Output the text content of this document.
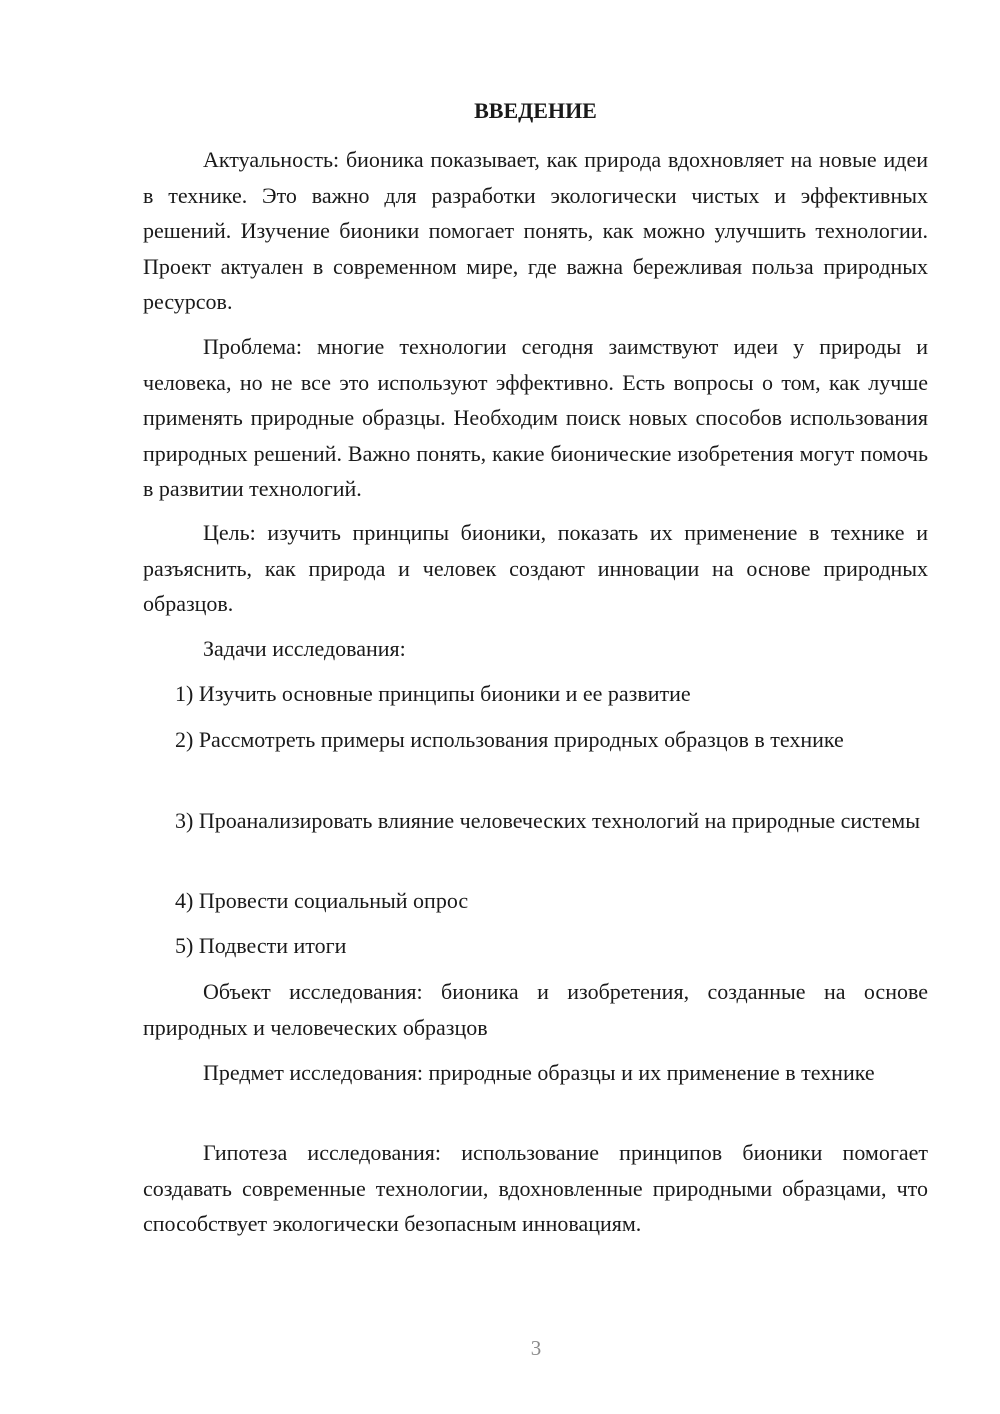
ВВЕДЕНИЕ

Актуальность: бионика показывает, как природа вдохновляет на новые идеи в технике. Это важно для разработки экологически чистых и эффективных решений. Изучение бионики помогает понять, как можно улучшить технологии. Проект актуален в современном мире, где важна бережливая польза природных ресурсов.

Проблема: многие технологии сегодня заимствуют идеи у природы и человека, но не все это используют эффективно. Есть вопросы о том, как лучше применять природные образцы. Необходим поиск новых способов использования природных решений. Важно понять, какие бионические изобретения могут помочь в развитии технологий.

Цель: изучить принципы бионики, показать их применение в технике и разъяснить, как природа и человек создают инновации на основе природных образцов.

Задачи исследования:

1) Изучить основные принципы бионики и ее развитие

2) Рассмотреть примеры использования природных образцов в технике

3) Проанализировать влияние человеческих технологий на природные системы

4) Провести социальный опрос

5) Подвести итоги

Объект исследования: бионика и изобретения, созданные на основе природных и человеческих образцов

Предмет исследования: природные образцы и их применение в технике

Гипотеза исследования: использование принципов бионики помогает создавать современные технологии, вдохновленные природными образцами, что способствует экологически безопасным инновациям.

3
